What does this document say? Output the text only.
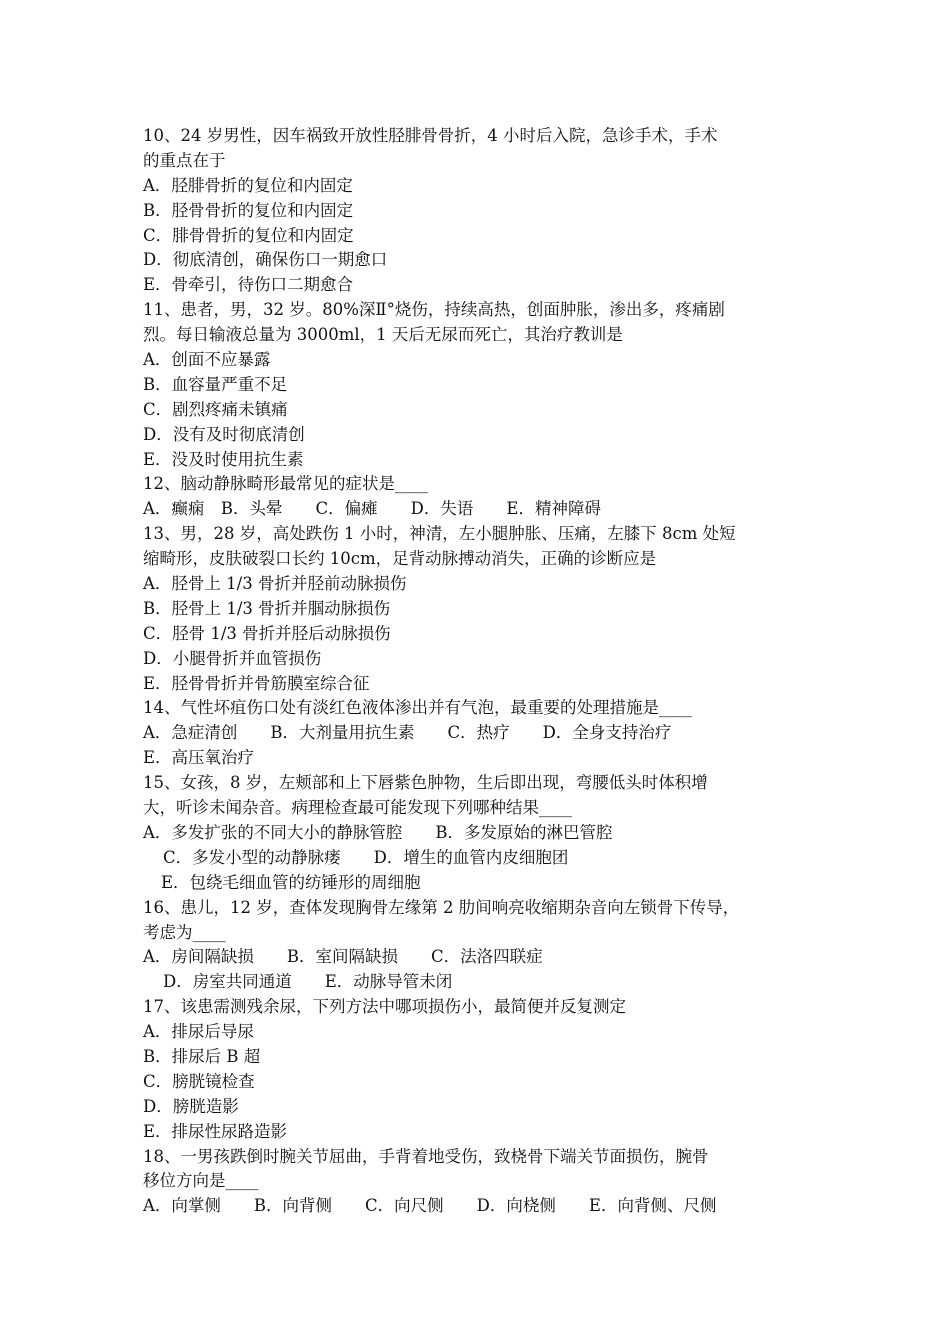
10、24 岁男性，因车祸致开放性胫腓骨骨折，4 小时后入院，急诊手术，手术
的重点在于
A．胫腓骨折的复位和内固定
B．胫骨骨折的复位和内固定
C．腓骨骨折的复位和内固定
D．彻底清创，确保伤口一期愈口
E．骨牵引，待伤口二期愈合
11、患者，男，32 岁。80%深Ⅱ°烧伤，持续高热，创面肿胀，渗出多，疼痛剧
烈。每日输液总量为 3000ml，1 天后无尿而死亡，其治疗教训是
A．创面不应暴露
B．血容量严重不足
C．剧烈疼痛未镇痛
D．没有及时彻底清创
E．没及时使用抗生素
12、脑动静脉畸形最常见的症状是____
A．癫痫　B．头晕　　C．偏瘫　　D．失语　　E．精神障碍
13、男，28 岁，高处跌伤 1 小时，神清，左小腿肿胀、压痛，左膝下 8cm 处短
缩畸形，皮肤破裂口长约 10cm，足背动脉搏动消失，正确的诊断应是
A．胫骨上 1/3 骨折并胫前动脉损伤
B．胫骨上 1/3 骨折并腘动脉损伤
C．胫骨 1/3 骨折并胫后动脉损伤
D．小腿骨折并血管损伤
E．胫骨骨折并骨筋膜室综合征
14、气性坏疽伤口处有淡红色液体渗出并有气泡，最重要的处理措施是____
A．急症清创　　B．大剂量用抗生素　　C．热疗　　D．全身支持治疗
E．高压氧治疗
15、女孩，8 岁，左颊部和上下唇紫色肿物，生后即出现，弯腰低头时体积增
大，听诊未闻杂音。病理检查最可能发现下列哪种结果____
A．多发扩张的不同大小的静脉管腔　　B．多发原始的淋巴管腔
C．多发小型的动静脉瘘　　D．增生的血管内皮细胞团
E．包绕毛细血管的纺锤形的周细胞
16、患儿，12 岁，查体发现胸骨左缘第 2 肋间响亮收缩期杂音向左锁骨下传导，
考虑为____
A．房间隔缺损　　B．室间隔缺损　　C．法洛四联症
D．房室共同通道　　E．动脉导管未闭
17、该患需测残余尿，下列方法中哪项损伤小，最简便并反复测定
A．排尿后导尿
B．排尿后 B 超
C．膀胱镜检查
D．膀胱造影
E．排尿性尿路造影
18、一男孩跌倒时腕关节屈曲，手背着地受伤，致桡骨下端关节面损伤，腕骨
移位方向是____
A．向掌侧　　B．向背侧　　C．向尺侧　　D．向桡侧　　E．向背侧、尺侧
